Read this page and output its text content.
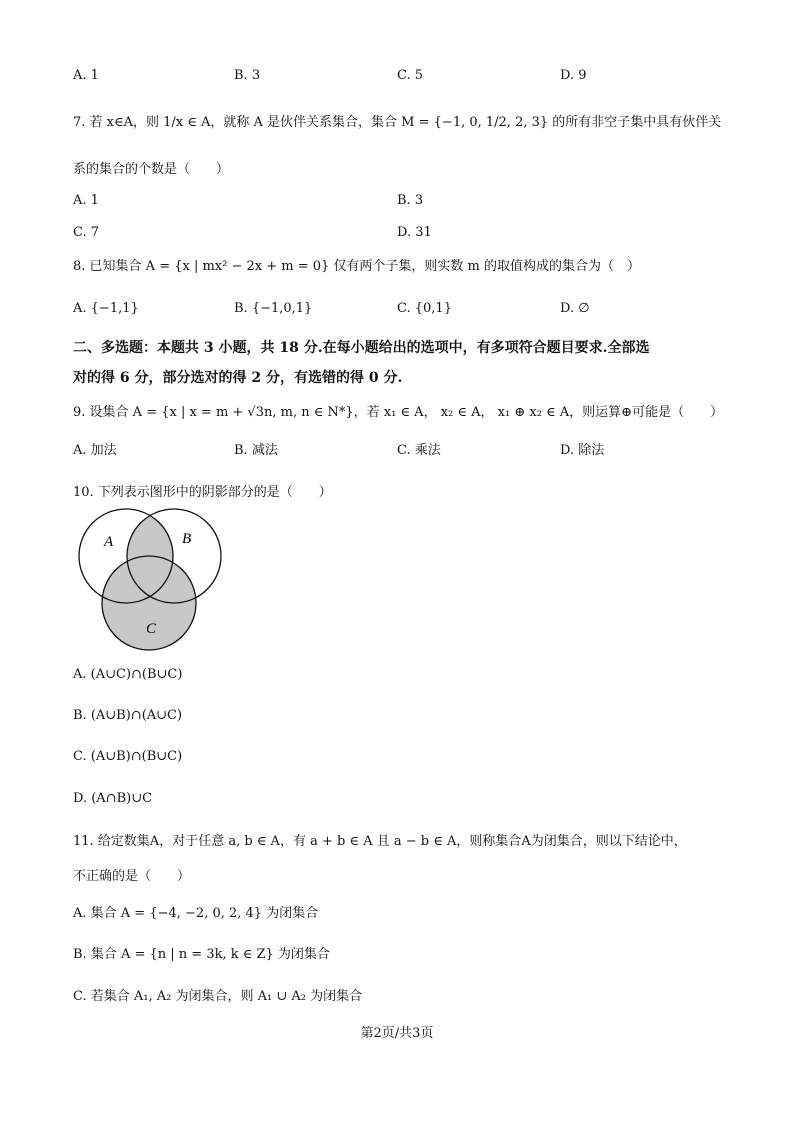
A. 1	B. 3	C. 5	D. 9
7. 若 x∈A，则 1/x ∈ A，就称 A 是伙伴关系集合，集合 M = {−1, 0, 1/2, 2, 3} 的所有非空子集中具有伙伴关
系的集合的个数是（　　）
A. 1	B. 3
C. 7	D. 31
8. 已知集合 A = {x | mx² − 2x + m = 0} 仅有两个子集，则实数 m 的取值构成的集合为（　）
A. {−1,1}	B. {−1,0,1}	C. {0,1}	D. ∅
二、多选题：本题共 3 小题，共 18 分.在每小题给出的选项中，有多项符合题目要求.全部选
对的得 6 分，部分选对的得 2 分，有选错的得 0 分.
9. 设集合 A = {x | x = m + √3n, m, n ∈ N*}，若 x₁ ∈ A， x₂ ∈ A， x₁ ⊕ x₂ ∈ A，则运算⊕可能是（　　）
A. 加法	B. 减法	C. 乘法	D. 除法
10. 下列表示图形中的阴影部分的是（　　）
A	B
C
A. (A∪C)∩(B∪C)
B. (A∪B)∩(A∪C)
C. (A∪B)∩(B∪C)
D. (A∩B)∪C
11. 给定数集A，对于任意 a, b ∈ A，有 a + b ∈ A 且 a − b ∈ A，则称集合A为闭集合，则以下结论中，
不正确的是（　　）
A. 集合 A = {−4, −2, 0, 2, 4} 为闭集合
B. 集合 A = {n | n = 3k, k ∈ Z} 为闭集合
C. 若集合 A₁, A₂ 为闭集合，则 A₁ ∪ A₂ 为闭集合
第2页/共3页
